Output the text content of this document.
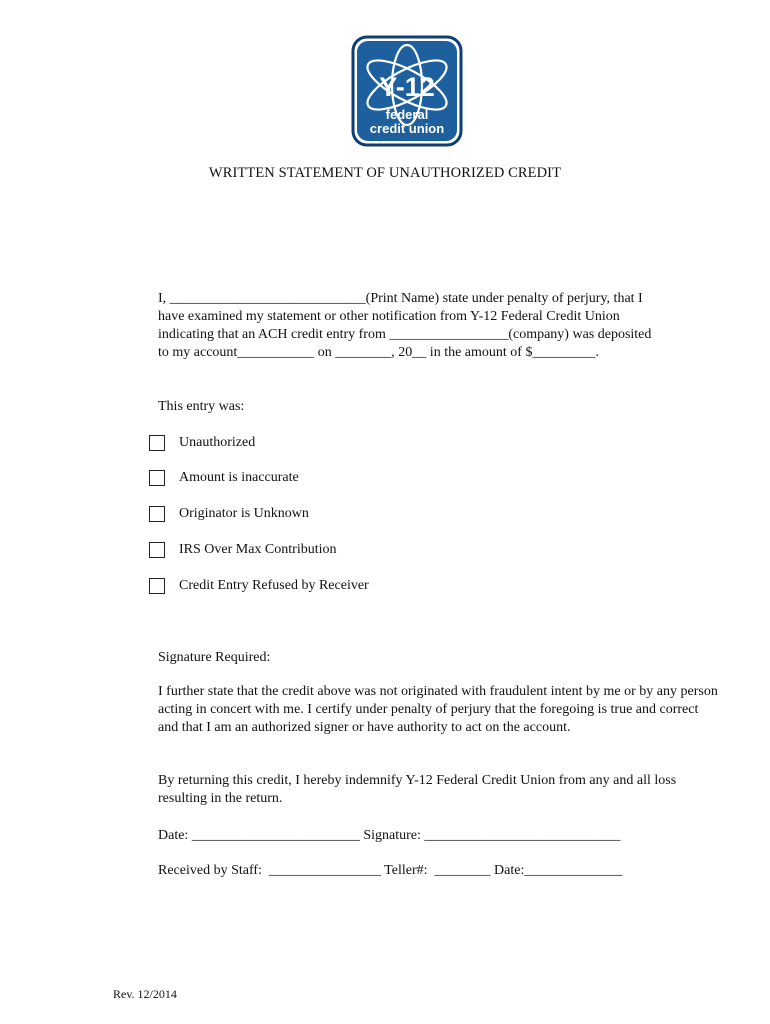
Y-12
federal
credit union
WRITTEN STATEMENT OF UNAUTHORIZED CREDIT
I, ____________________________(Print Name) state under penalty of perjury, that I
have examined my statement or other notification from Y-12 Federal Credit Union
indicating that an ACH credit entry from _________________(company) was deposited
to my account___________ on ________, 20__ in the amount of $_________.
This entry was:
Unauthorized
Amount is inaccurate
Originator is Unknown
IRS Over Max Contribution
Credit Entry Refused by Receiver
Signature Required:
I further state that the credit above was not originated with fraudulent intent by me or by any person acting in concert with me. I certify under penalty of perjury that the foregoing is true and correct and that I am an authorized signer or have authority to act on the account.
By returning this credit, I hereby indemnify Y-12 Federal Credit Union from any and all loss resulting in the return.
Date: ________________________ Signature: ____________________________
Received by Staff:  ________________ Teller#:  ________ Date:______________
Rev. 12/2014
